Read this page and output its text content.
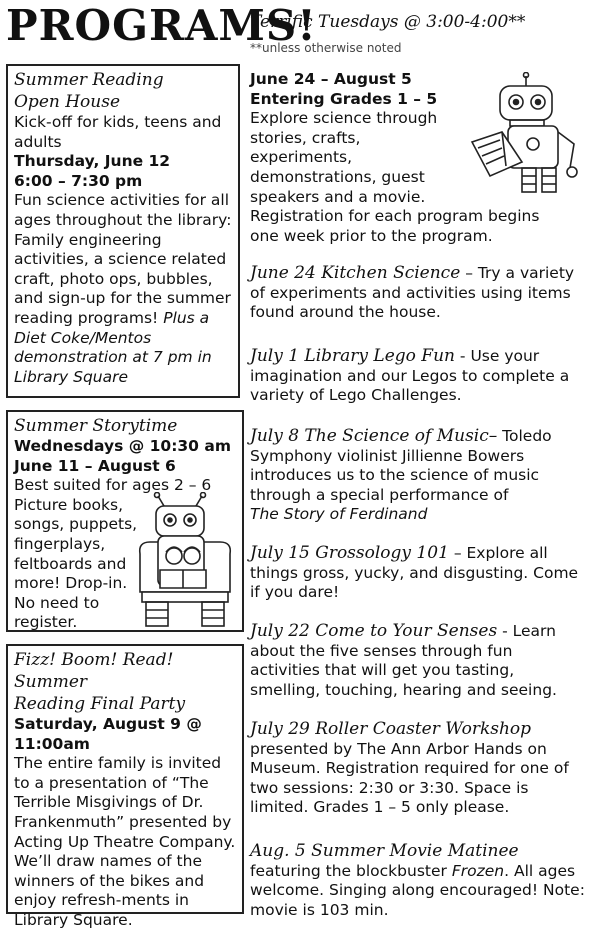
PROGRAMS!
Terrific Tuesdays @ 3:00-4:00**
**unless otherwise noted
Summer Reading
Open House

Kick-off for kids, teens and adults

Thursday, June 12

6:00 – 7:30 pm

Fun science activities for all ages throughout the library: Family engineering activities, a science related craft, photo ops, bubbles, and sign-up for the summer reading programs! Plus a Diet Coke/Mentos demonstration at 7 pm in

Library Square

Summer Storytime

Wednesdays @ 10:30 am

June 11 – August 6

Best suited for ages 2 – 6

Picture books,

songs, puppets,

fingerplays,

feltboards and

more! Drop-in.

No need to

register.

Fizz! Boom! Read! Summer
Reading Final Party

Saturday, August 9 @

11:00am

The entire family is invited to a presentation of “The Terrible Misgivings of Dr. Frankenmuth” presented by Acting Up Theatre Company. We’ll draw names of the winners of the bikes and enjoy refresh-ments in Library Square.

June 24 – August 5

Entering Grades 1 – 5

Explore science through stories, crafts, experiments, demonstrations, guest speakers and a movie.

Registration for each program begins one week prior to the program.

June 24 Kitchen Science – Try a variety of experiments and activities using items found around the house.
July 1 Library Lego Fun - Use your imagination and our Legos to complete a variety of Lego Challenges.
July 8 The Science of Music– Toledo Symphony violinist Jillienne Bowers introduces us to the science of music through a special performance of
The Story of Ferdinand
July 15 Grossology 101 – Explore all things gross, yucky, and disgusting. Come if you dare!
July 22 Come to Your Senses - Learn about the five senses through fun activities that will get you tasting, smelling, touching, hearing and seeing.
July 29 Roller Coaster Workshop presented by The Ann Arbor Hands on Museum. Registration required for one of two sessions: 2:30 or 3:30. Space is limited. Grades 1 – 5 only please.
Aug. 5 Summer Movie Matinee featuring the blockbuster Frozen. All ages welcome. Singing along encouraged! Note: movie is 103 min.
